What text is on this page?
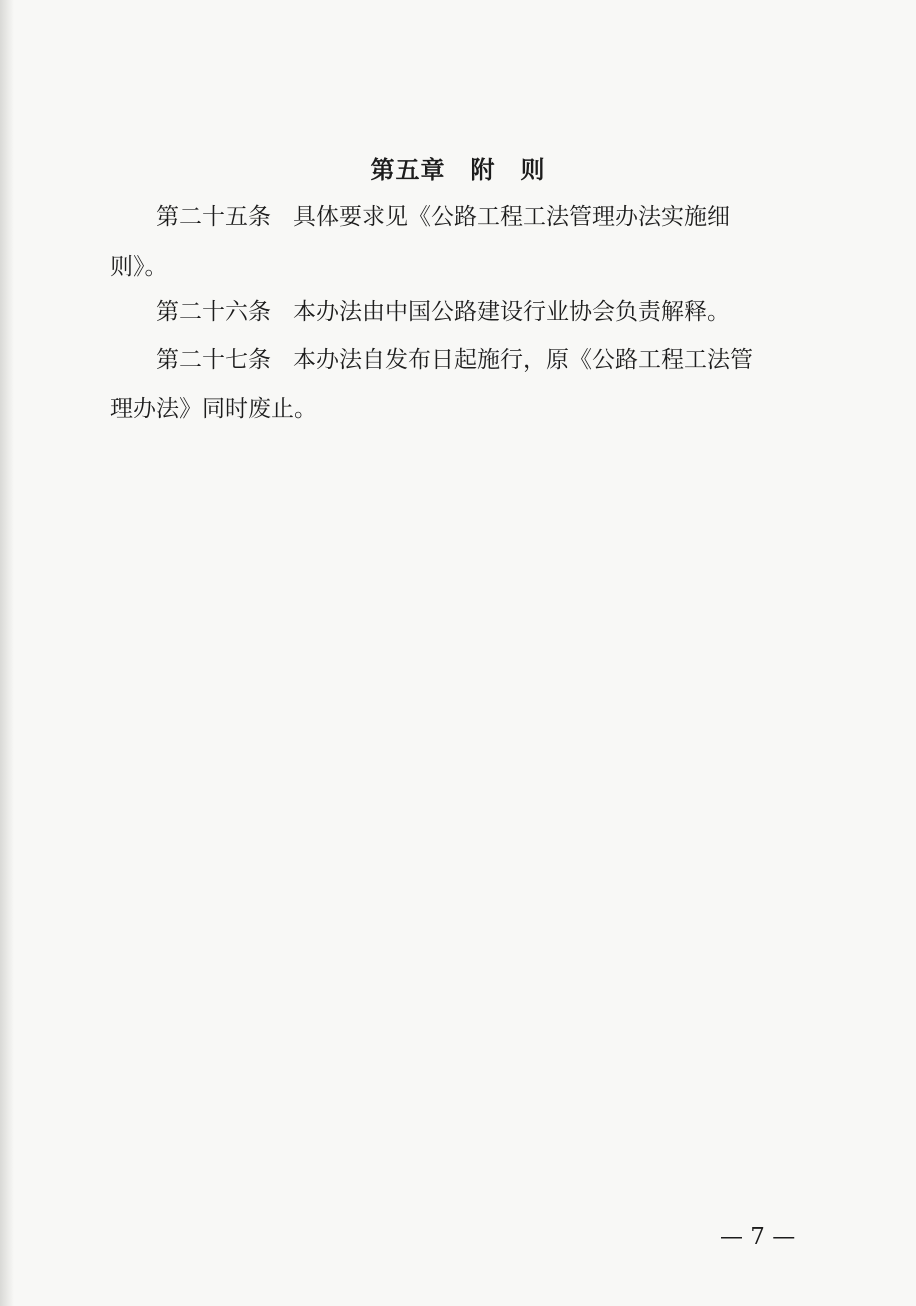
第五章　附　则
第二十五条 具体要求见《公路工程工法管理办法实施细
则》。
第二十六条 本办法由中国公路建设行业协会负责解释。
第二十七条 本办法自发布日起施行，原《公路工程工法管
理办法》同时废止。
— 7 —
